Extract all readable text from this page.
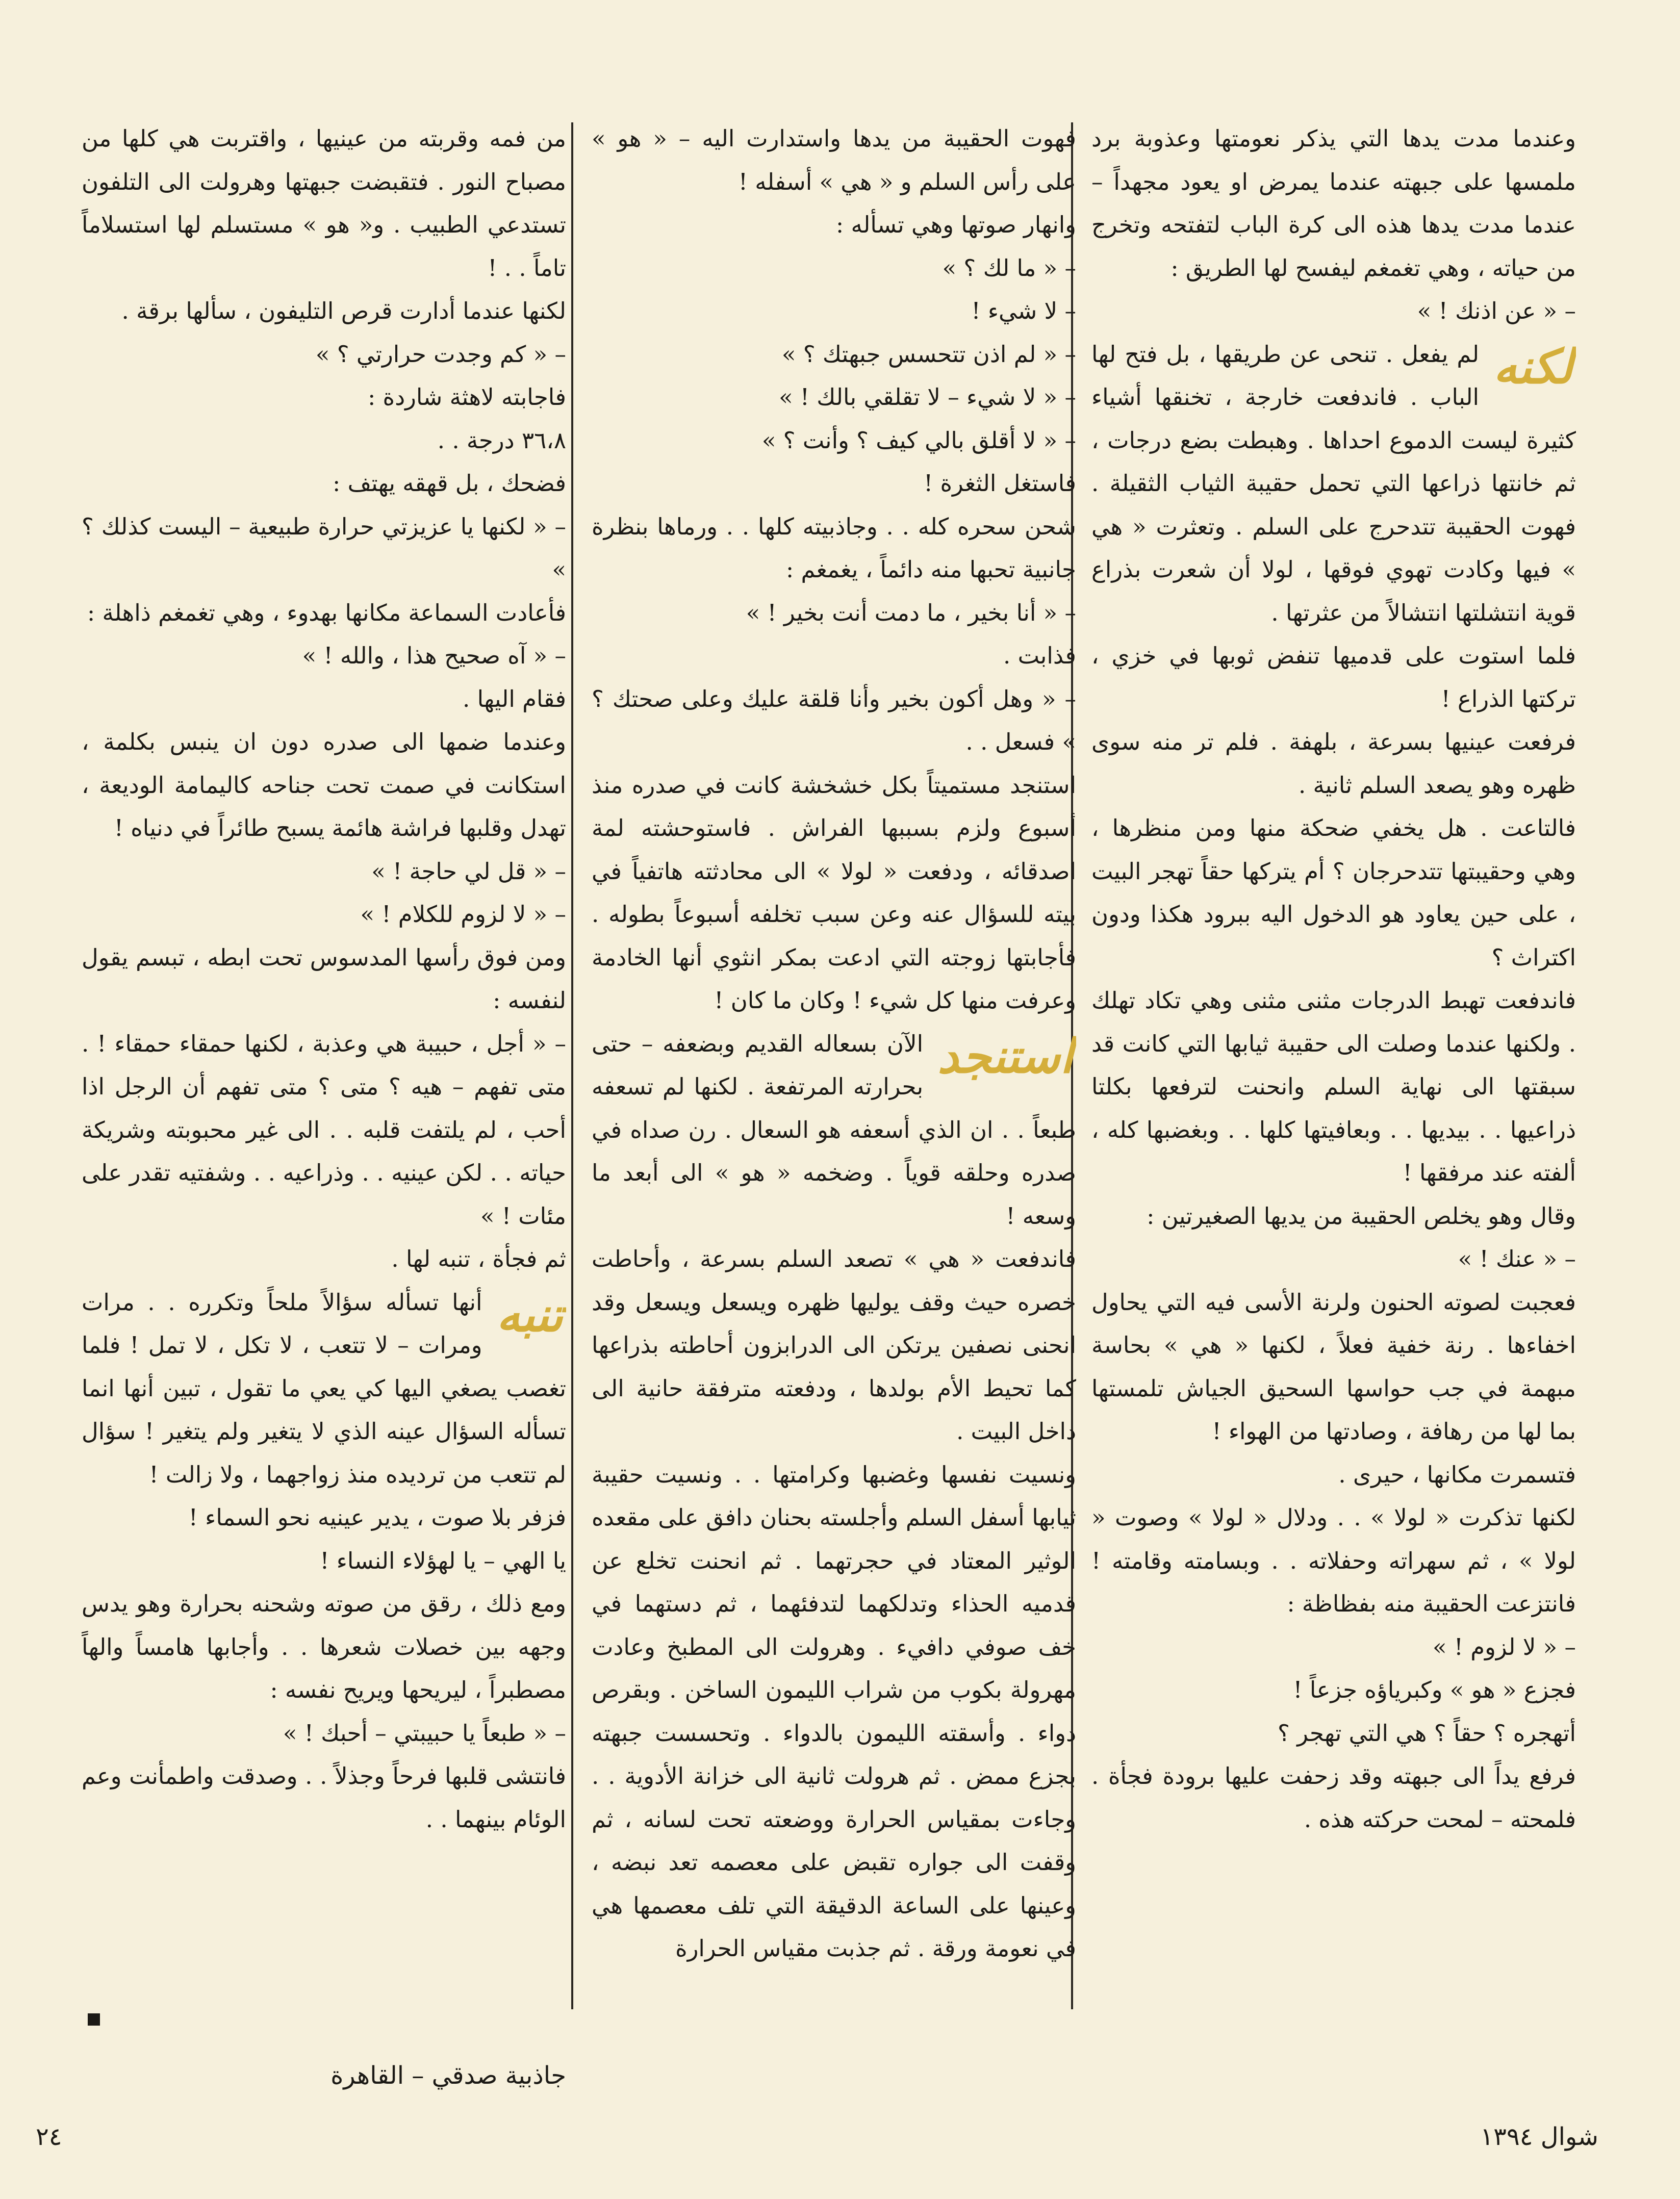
وعندما مدت يدها التي يذكر نعومتها وعذوبة برد ملمسها على جبهته عندما يمرض او يعود مجهداً – عندما مدت يدها هذه الى كرة الباب لتفتحه وتخرج من حياته ، وهي تغمغم ليفسح لها الطريق :

– « عن اذنك ! »

لكنه
لم يفعل . تنحى عن طريقها ، بل فتح لها الباب . فاندفعت خارجة ، تخنقها أشياء كثيرة ليست الدموع احداها . وهبطت بضع درجات ، ثم خانتها ذراعها التي تحمل حقيبة الثياب الثقيلة . فهوت الحقيبة تتدحرج على السلم . وتعثرت « هي » فيها وكادت تهوي فوقها ، لولا أن شعرت بذراع قوية انتشلتها انتشالاً من عثرتها .

فلما استوت على قدميها تنفض ثوبها في خزي ، تركتها الذراع !

فرفعت عينيها بسرعة ، بلهفة . فلم تر منه سوى ظهره وهو يصعد السلم ثانية .

فالتاعت . هل يخفي ضحكة منها ومن منظرها ، وهي وحقيبتها تتدحرجان ؟ أم يتركها حقاً تهجر البيت ، على حين يعاود هو الدخول اليه ببرود هكذا ودون اكتراث ؟

فاندفعت تهبط الدرجات مثنى مثنى وهي تكاد تهلك . ولكنها عندما وصلت الى حقيبة ثيابها التي كانت قد سبقتها الى نهاية السلم وانحنت لترفعها بكلتا ذراعيها . . بيديها . . وبعافيتها كلها . . وبغضبها كله ، ألفته عند مرفقها !

وقال وهو يخلص الحقيبة من يديها الصغيرتين :

– « عنك ! »

فعجبت لصوته الحنون ولرنة الأسى فيه التي يحاول اخفاءها . رنة خفية فعلاً ، لكنها « هي » بحاسة مبهمة في جب حواسها السحيق الجياش تلمستها بما لها من رهافة ، وصادتها من الهواء !

فتسمرت مكانها ، حيرى .

لكنها تذكرت « لولا » . . ودلال « لولا » وصوت « لولا » ، ثم سهراته وحفلاته . . وبسامته وقامته ! فانتزعت الحقيبة منه بفظاظة :

– « لا لزوم ! »

فجزع « هو » وكبرياؤه جزعاً !

أتهجره ؟ حقاً ؟ هي التي تهجر ؟

فرفع يداً الى جبهته وقد زحفت عليها برودة فجأة . فلمحته – لمحت حركته هذه .

فهوت الحقيبة من يدها واستدارت اليه – « هو » على رأس السلم و « هي » أسفله !

وانهار صوتها وهي تسأله :

– « ما لك ؟ »

– لا شيء !

– « لم اذن تتحسس جبهتك ؟ »

– « لا شيء – لا تقلقي بالك ! »

– « لا أقلق بالي كيف ؟ وأنت ؟ »

فاستغل الثغرة !

شحن سحره كله . . وجاذبيته كلها . . ورماها بنظرة جانبية تحبها منه دائماً ، يغمغم :

– « أنا بخير ، ما دمت أنت بخير ! »

فذابت .

– « وهل أكون بخير وأنا قلقة عليك وعلى صحتك ؟ » فسعل . .

استنجد مستميتاً بكل خشخشة كانت في صدره منذ أسبوع ولزم بسببها الفراش . فاستوحشته لمة اصدقائه ، ودفعت « لولا » الى محادثته هاتفياً في بيته للسؤال عنه وعن سبب تخلفه أسبوعاً بطوله . فأجابتها زوجته التي ادعت بمكر انثوي أنها الخادمة وعرفت منها كل شيء ! وكان ما كان !

استنجد
الآن بسعاله القديم وبضعفه – حتى بحرارته المرتفعة . لكنها لم تسعفه طبعاً . . ان الذي أسعفه هو السعال . رن صداه في صدره وحلقه قوياً . وضخمه « هو » الى أبعد ما وسعه !

فاندفعت « هي » تصعد السلم بسرعة ، وأحاطت خصره حيث وقف يوليها ظهره ويسعل ويسعل وقد انحنى نصفين يرتكن الى الدرابزون أحاطته بذراعها كما تحيط الأم بولدها ، ودفعته مترفقة حانية الى داخل البيت .

ونسيت نفسها وغضبها وكرامتها . . ونسيت حقيبة ثيابها أسفل السلم وأجلسته بحنان دافق على مقعده الوثير المعتاد في حجرتهما . ثم انحنت تخلع عن قدميه الحذاء وتدلكهما لتدفئهما ، ثم دستهما في خف صوفي دافيء . وهرولت الى المطبخ وعادت مهرولة بكوب من شراب الليمون الساخن . وبقرص دواء . وأسقته الليمون بالدواء . وتحسست جبهته بجزع ممض . ثم هرولت ثانية الى خزانة الأدوية . . وجاءت بمقياس الحرارة ووضعته تحت لسانه ، ثم وقفت الى جواره تقبض على معصمه تعد نبضه ، وعينها على الساعة الدقيقة التي تلف معصمها هي في نعومة ورقة . ثم جذبت مقياس الحرارة

من فمه وقربته من عينيها ، واقتربت هي كلها من مصباح النور . فتقبضت جبهتها وهرولت الى التلفون تستدعي الطبيب . و« هو » مستسلم لها استسلاماً تاماً . . !

لكنها عندما أدارت قرص التليفون ، سألها برقة .

– « كم وجدت حرارتي ؟ »

فاجابته لاهثة شاردة :

٣٦،٨ درجة . .

فضحك ، بل قهقه يهتف :

– « لكنها يا عزيزتي حرارة طبيعية – اليست كذلك ؟ »

فأعادت السماعة مكانها بهدوء ، وهي تغمغم ذاهلة :

– « آه صحيح هذا ، والله ! »

فقام اليها .

وعندما ضمها الى صدره دون ان ينبس بكلمة ، استكانت في صمت تحت جناحه كاليمامة الوديعة ، تهدل وقلبها فراشة هائمة يسبح طائراً في دنياه !

– « قل لي حاجة ! »

– « لا لزوم للكلام ! »

ومن فوق رأسها المدسوس تحت ابطه ، تبسم يقول لنفسه :

– « أجل ، حبيبة هي وعذبة ، لكنها حمقاء حمقاء ! . متى تفهم – هيه ؟ متى ؟ متى تفهم أن الرجل اذا أحب ، لم يلتفت قلبه . . الى غير محبوبته وشريكة حياته . . لكن عينيه . . وذراعيه . . وشفتيه تقدر على مئات ! »

ثم فجأة ، تنبه لها .

تنبه
أنها تسأله سؤالاً ملحاً وتكرره . . مرات ومرات – لا تتعب ، لا تكل ، لا تمل ! فلما تغصب يصغي اليها كي يعي ما تقول ، تبين أنها انما تسأله السؤال عينه الذي لا يتغير ولم يتغير ! سؤال لم تتعب من ترديده منذ زواجهما ، ولا زالت !

فزفر بلا صوت ، يدير عينيه نحو السماء !

يا الهي – يا لهؤلاء النساء !

ومع ذلك ، رقق من صوته وشحنه بحرارة وهو يدس وجهه بين خصلات شعرها . . وأجابها هامساً والهاً مصطبراً ، ليريحها ويريح نفسه :

– « طبعاً يا حبيبتي – أحبك ! »

فانتشى قلبها فرحاً وجذلاً . . وصدقت واطمأنت وعم الوئام بينهما . .

جاذبية صدقي – القاهرة
شوال ١٣٩٤
٢٤
